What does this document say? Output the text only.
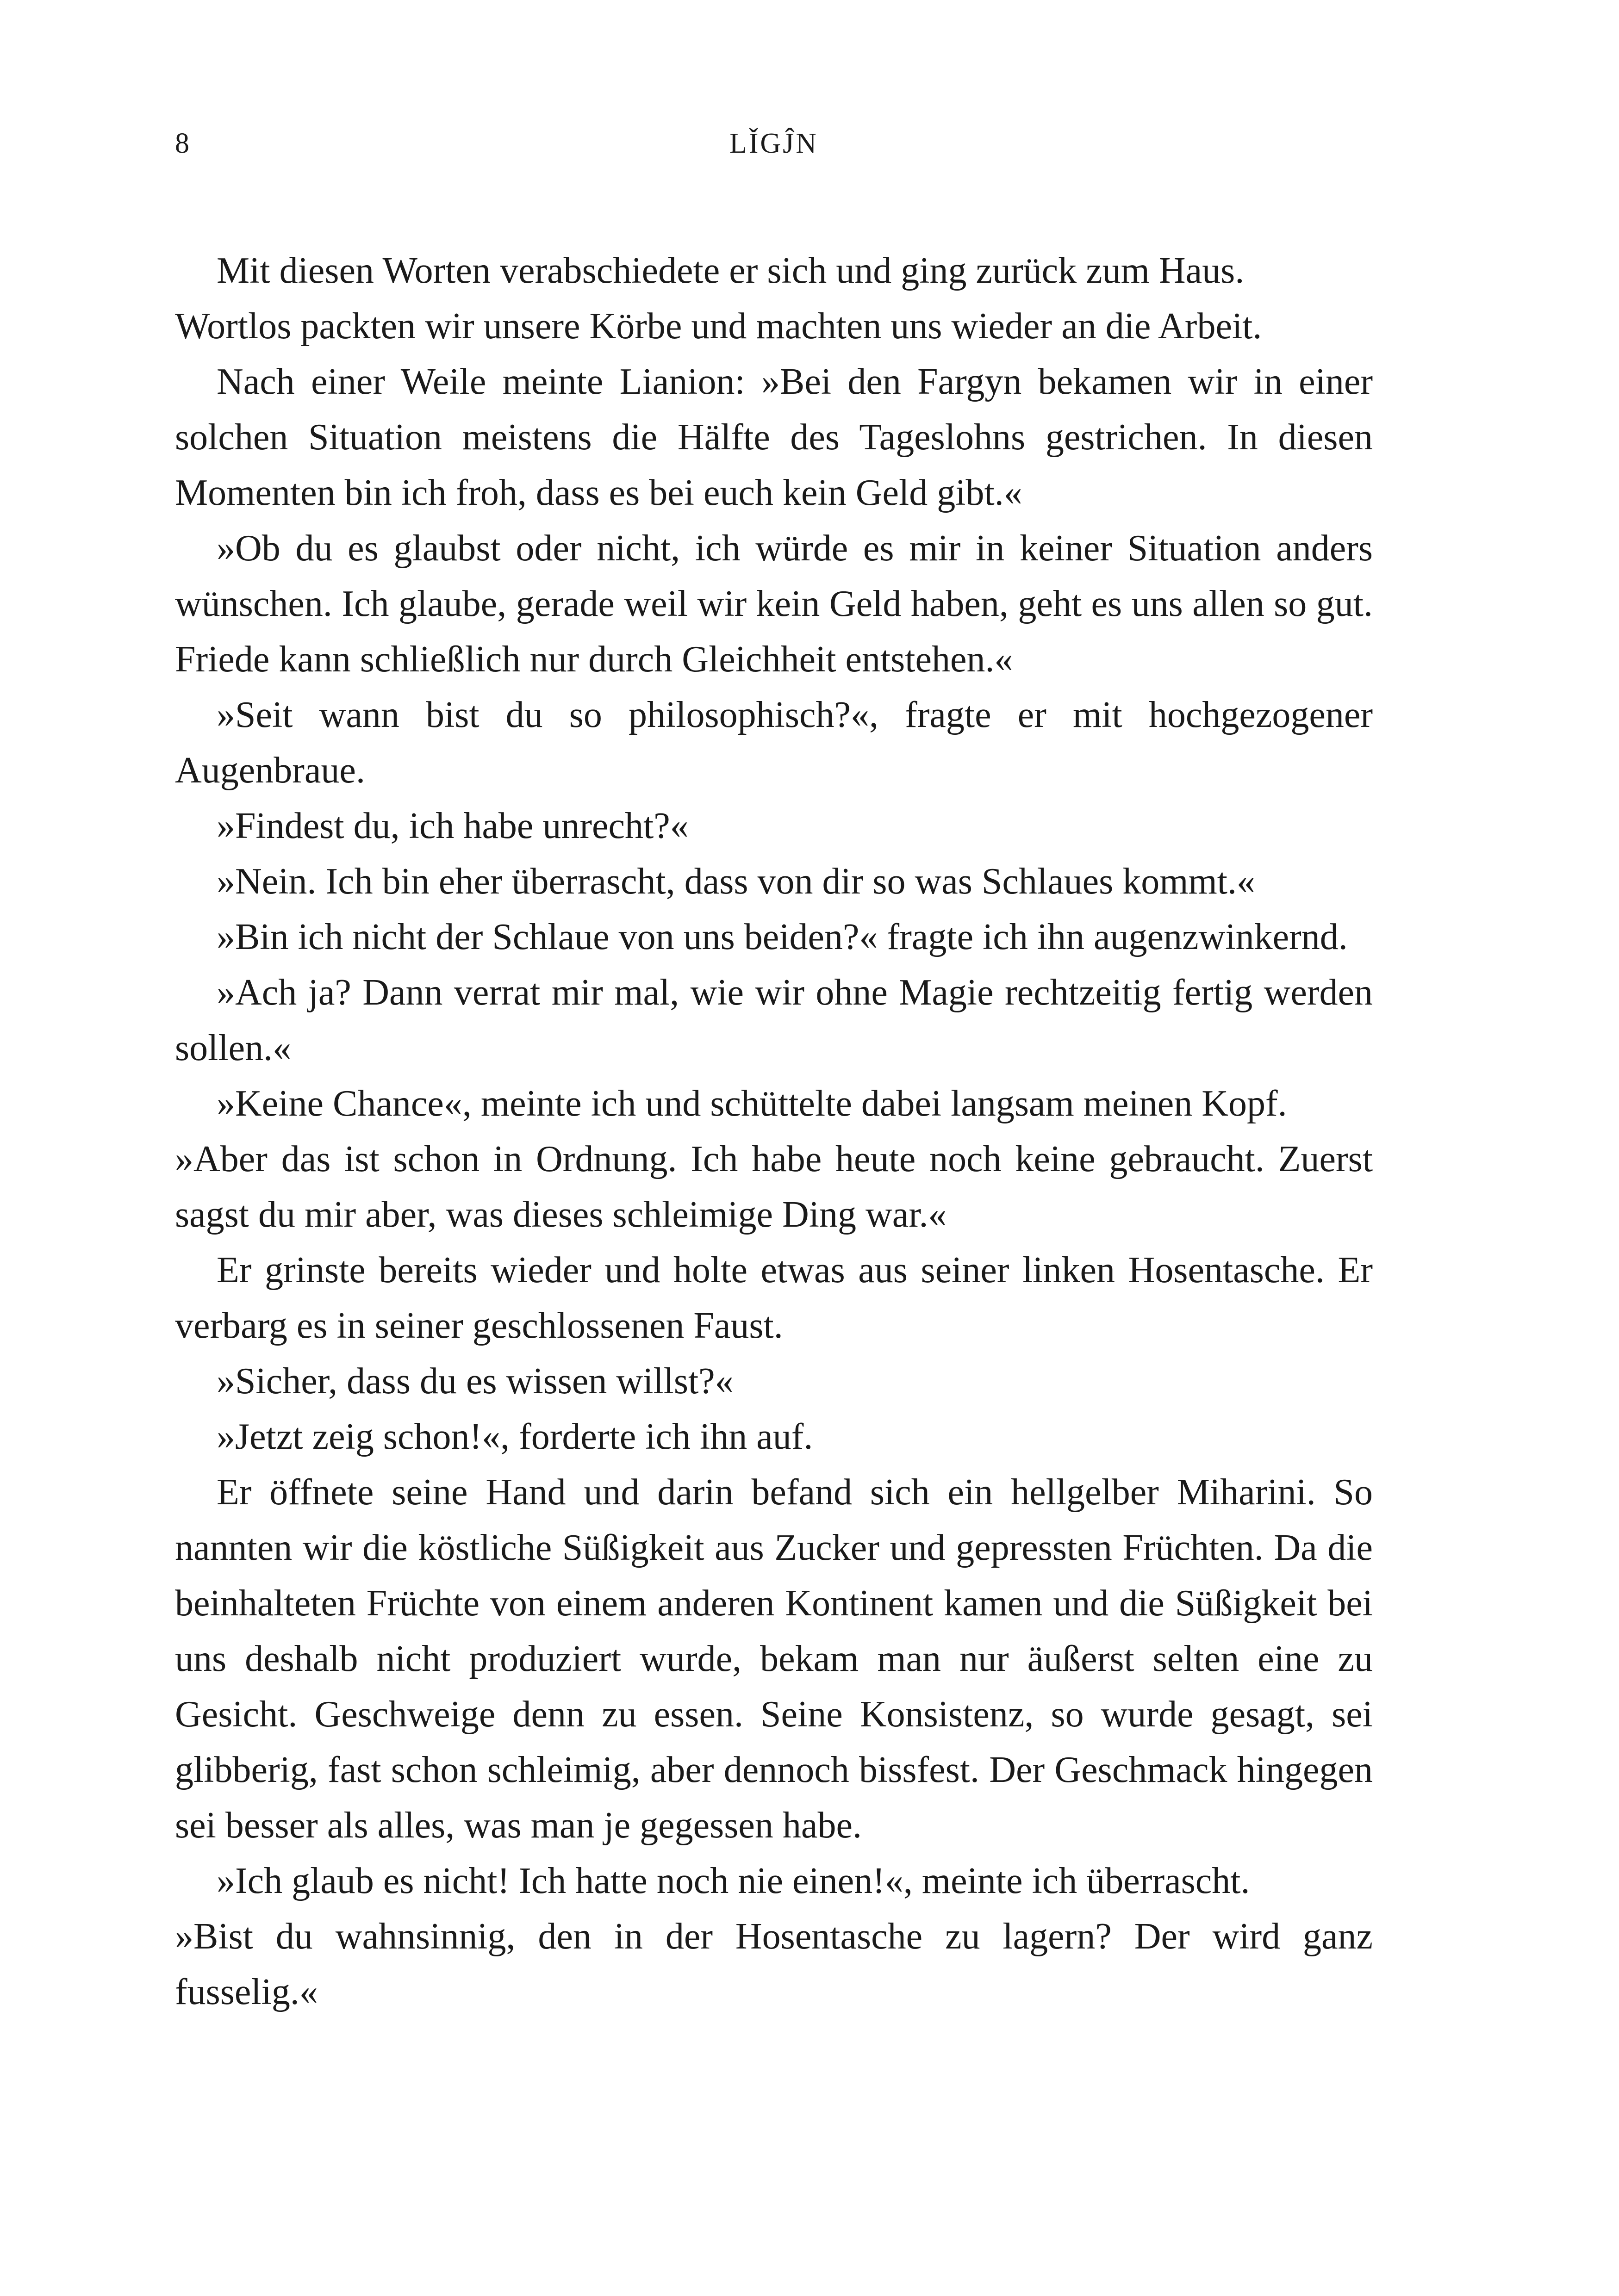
8	LǏGĴN

Mit diesen Worten verabschiedete er sich und ging zurück zum Haus.

Wortlos packten wir unsere Körbe und machten uns wieder an die Arbeit.

Nach einer Weile meinte Lianion: »Bei den Fargyn bekamen wir in einer solchen Situation meistens die Hälfte des Tageslohns gestrichen. In diesen Momenten bin ich froh, dass es bei euch kein Geld gibt.«

»Ob du es glaubst oder nicht, ich würde es mir in keiner Situation anders wünschen. Ich glaube, gerade weil wir kein Geld haben, geht es uns allen so gut. Friede kann schließlich nur durch Gleichheit entstehen.«

»Seit wann bist du so philosophisch?«, fragte er mit hochgezogener Augenbraue.

»Findest du, ich habe unrecht?«

»Nein. Ich bin eher überrascht, dass von dir so was Schlaues kommt.«

»Bin ich nicht der Schlaue von uns beiden?« fragte ich ihn augenzwinkernd.

»Ach ja? Dann verrat mir mal, wie wir ohne Magie rechtzeitig fertig werden sollen.«

»Keine Chance«, meinte ich und schüttelte dabei langsam meinen Kopf.

»Aber das ist schon in Ordnung. Ich habe heute noch keine gebraucht. Zuerst sagst du mir aber, was dieses schleimige Ding war.«

Er grinste bereits wieder und holte etwas aus seiner linken Hosentasche. Er verbarg es in seiner geschlossenen Faust.

»Sicher, dass du es wissen willst?«

»Jetzt zeig schon!«, forderte ich ihn auf.

Er öffnete seine Hand und darin befand sich ein hellgelber Miharini. So nannten wir die köstliche Süßigkeit aus Zucker und gepressten Früchten. Da die beinhalteten Früchte von einem anderen Kontinent kamen und die Süßigkeit bei uns deshalb nicht produziert wurde, bekam man nur äußerst selten eine zu Gesicht. Geschweige denn zu essen. Seine Konsistenz, so wurde gesagt, sei glibberig, fast schon schleimig, aber dennoch bissfest. Der Geschmack hingegen sei besser als alles, was man je gegessen habe.

»Ich glaub es nicht! Ich hatte noch nie einen!«, meinte ich überrascht.

»Bist du wahnsinnig, den in der Hosentasche zu lagern? Der wird ganz fusselig.«
